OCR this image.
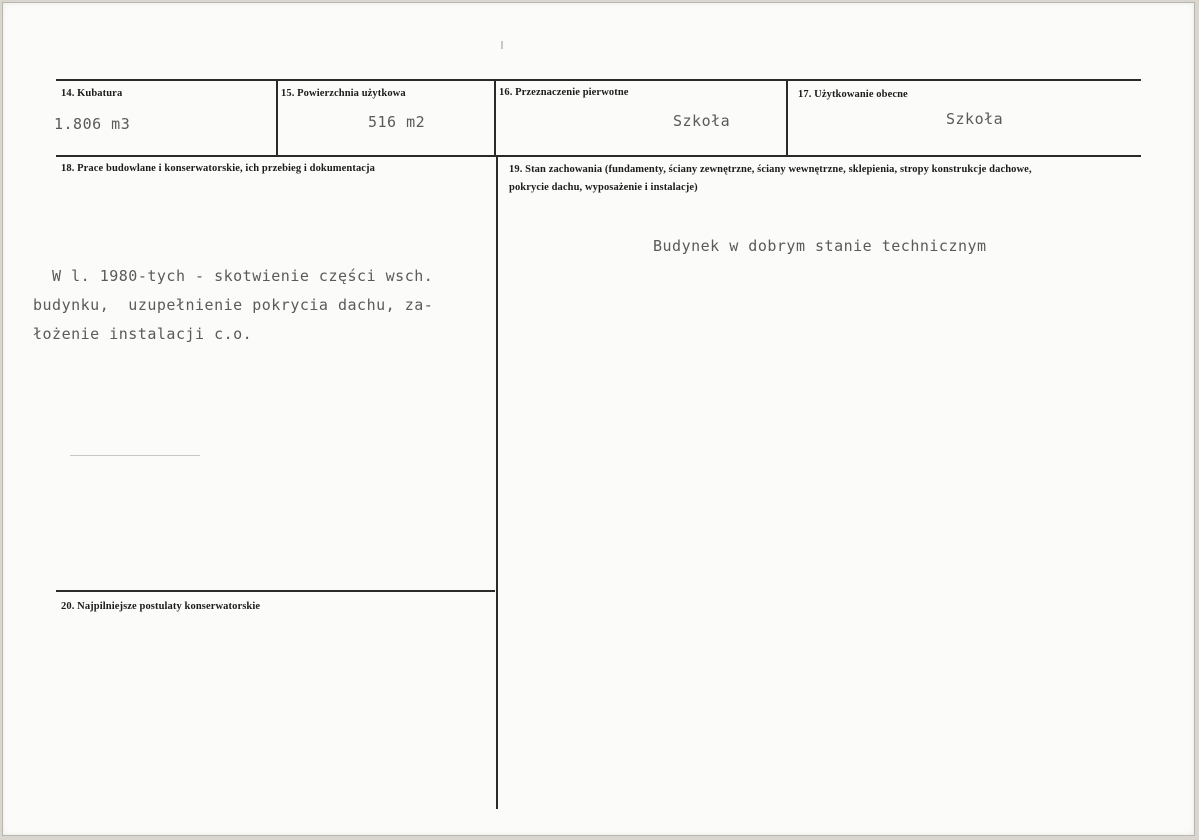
14. Kubatura
1.806 m3
15. Powierzchnia użytkowa
516 m2
16. Przeznaczenie pierwotne
Szkoła
17. Użytkowanie obecne
Szkoła
18. Prace budowlane i konserwatorskie, ich przebieg i dokumentacja
W l. 1980-tych - skotwienie części wsch.
budynku,  uzupełnienie pokrycia dachu, za-
łożenie instalacji c.o.
19. Stan zachowania (fundamenty, ściany zewnętrzne, ściany wewnętrzne, sklepienia, stropy konstrukcje dachowe, pokrycie dachu, wyposażenie i instalacje)
Budynek w dobrym stanie technicznym
20. Najpilniejsze postulaty konserwatorskie
